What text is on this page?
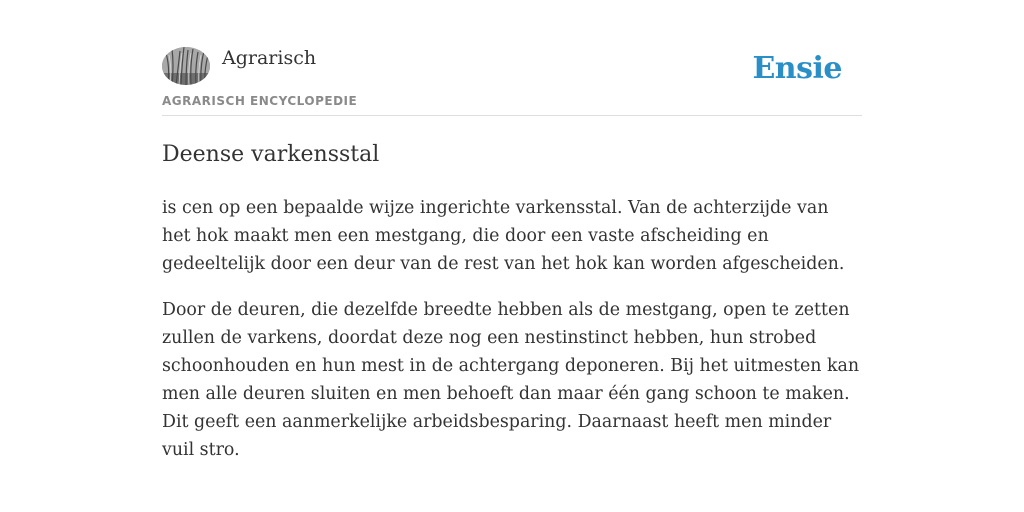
Agrarisch
AGRARISCH ENCYCLOPEDIE
Ensie
Deense varkensstal

is cen op een bepaalde wijze ingerichte varkensstal. Van de achterzijde van het hok maakt men een mestgang, die door een vaste afscheiding en gedeeltelijk door een deur van de rest van het hok kan worden afgescheiden.

Door de deuren, die dezelfde breedte hebben als de mestgang, open te zetten zullen de varkens, doordat deze nog een nestinstinct hebben, hun strobed schoonhouden en hun mest in de achtergang deponeren. Bij het uitmesten kan men alle deuren sluiten en men behoeft dan maar één gang schoon te maken. Dit geeft een aanmerkelijke arbeidsbesparing. Daarnaast heeft men minder vuil stro.
